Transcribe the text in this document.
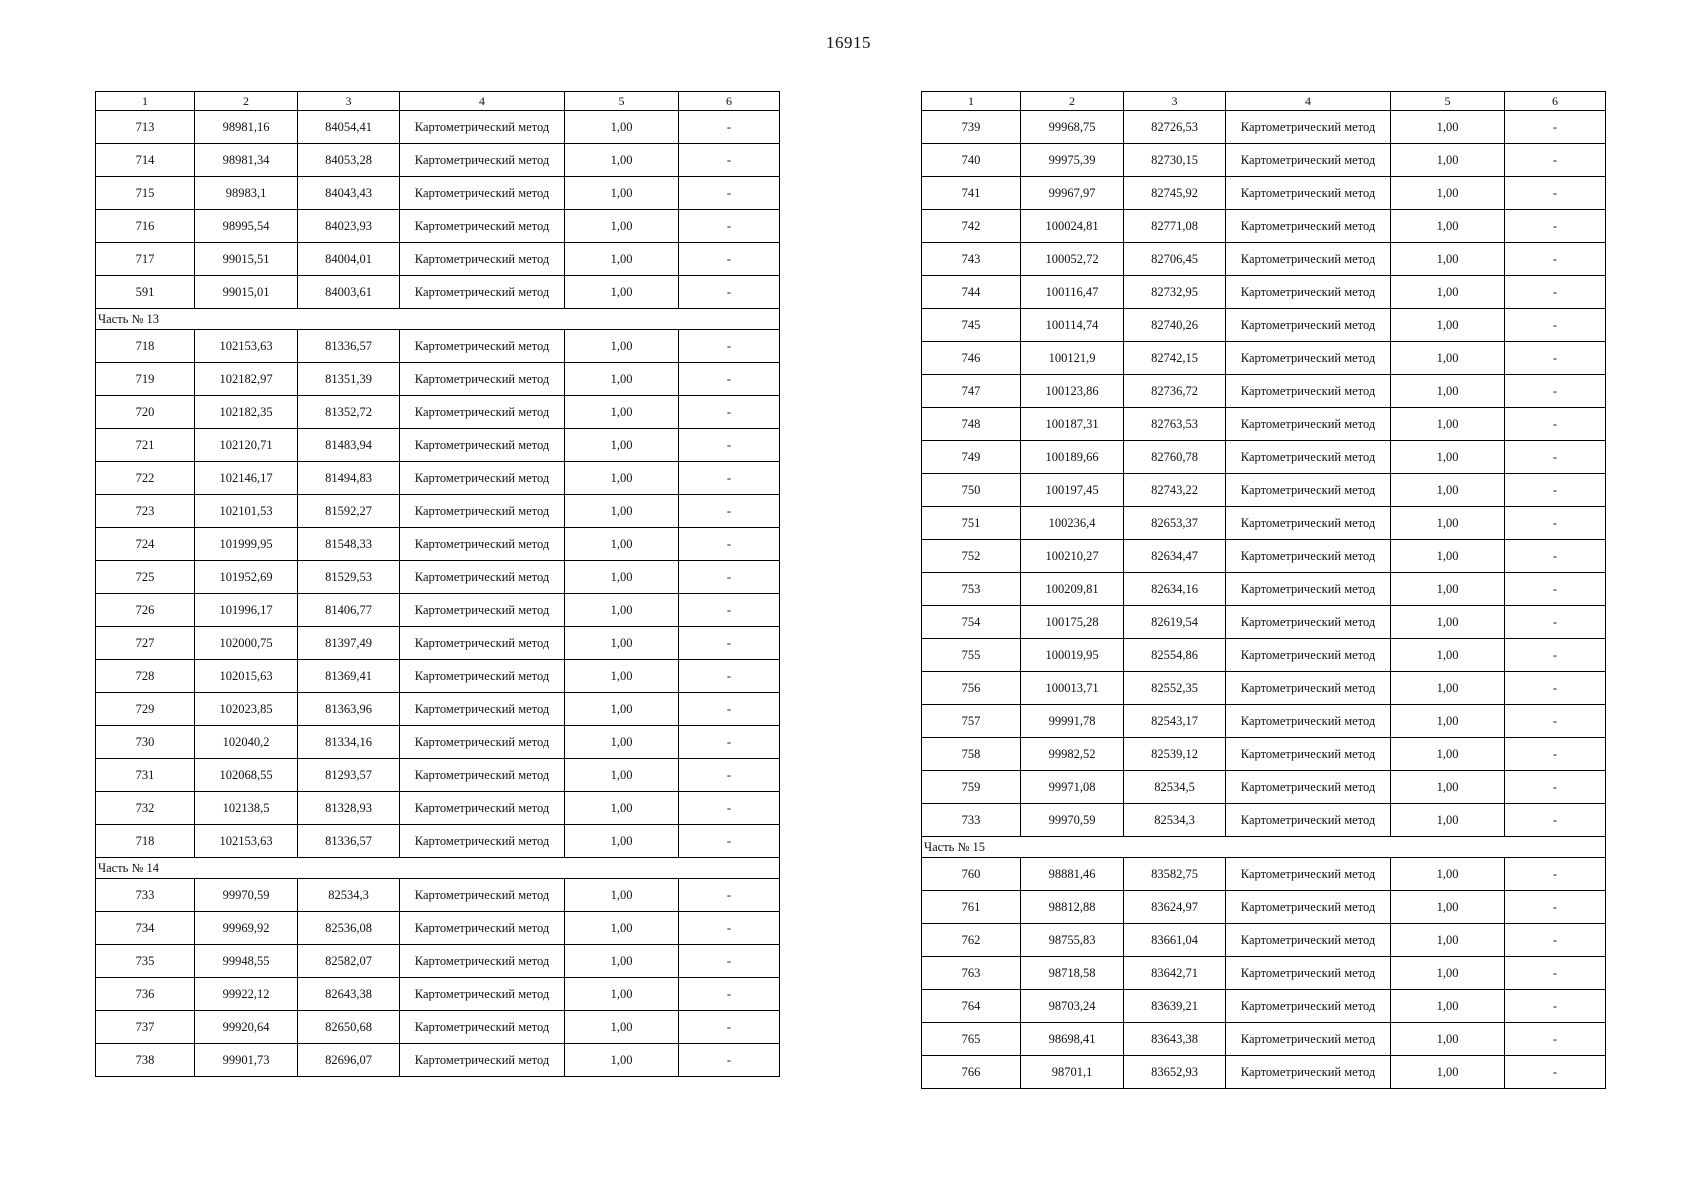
16915
1	2	3	4	5	6
713	98981,16	84054,41	Картометрический метод	1,00	-
714	98981,34	84053,28	Картометрический метод	1,00	-
715	98983,1	84043,43	Картометрический метод	1,00	-
716	98995,54	84023,93	Картометрический метод	1,00	-
717	99015,51	84004,01	Картометрический метод	1,00	-
591	99015,01	84003,61	Картометрический метод	1,00	-
Часть № 13					
718	102153,63	81336,57	Картометрический метод	1,00	-
719	102182,97	81351,39	Картометрический метод	1,00	-
720	102182,35	81352,72	Картометрический метод	1,00	-
721	102120,71	81483,94	Картометрический метод	1,00	-
722	102146,17	81494,83	Картометрический метод	1,00	-
723	102101,53	81592,27	Картометрический метод	1,00	-
724	101999,95	81548,33	Картометрический метод	1,00	-
725	101952,69	81529,53	Картометрический метод	1,00	-
726	101996,17	81406,77	Картометрический метод	1,00	-
727	102000,75	81397,49	Картометрический метод	1,00	-
728	102015,63	81369,41	Картометрический метод	1,00	-
729	102023,85	81363,96	Картометрический метод	1,00	-
730	102040,2	81334,16	Картометрический метод	1,00	-
731	102068,55	81293,57	Картометрический метод	1,00	-
732	102138,5	81328,93	Картометрический метод	1,00	-
718	102153,63	81336,57	Картометрический метод	1,00	-
Часть № 14					
733	99970,59	82534,3	Картометрический метод	1,00	-
734	99969,92	82536,08	Картометрический метод	1,00	-
735	99948,55	82582,07	Картометрический метод	1,00	-
736	99922,12	82643,38	Картометрический метод	1,00	-
737	99920,64	82650,68	Картометрический метод	1,00	-
738	99901,73	82696,07	Картометрический метод	1,00	-
1	2	3	4	5	6
739	99968,75	82726,53	Картометрический метод	1,00	-
740	99975,39	82730,15	Картометрический метод	1,00	-
741	99967,97	82745,92	Картометрический метод	1,00	-
742	100024,81	82771,08	Картометрический метод	1,00	-
743	100052,72	82706,45	Картометрический метод	1,00	-
744	100116,47	82732,95	Картометрический метод	1,00	-
745	100114,74	82740,26	Картометрический метод	1,00	-
746	100121,9	82742,15	Картометрический метод	1,00	-
747	100123,86	82736,72	Картометрический метод	1,00	-
748	100187,31	82763,53	Картометрический метод	1,00	-
749	100189,66	82760,78	Картометрический метод	1,00	-
750	100197,45	82743,22	Картометрический метод	1,00	-
751	100236,4	82653,37	Картометрический метод	1,00	-
752	100210,27	82634,47	Картометрический метод	1,00	-
753	100209,81	82634,16	Картометрический метод	1,00	-
754	100175,28	82619,54	Картометрический метод	1,00	-
755	100019,95	82554,86	Картометрический метод	1,00	-
756	100013,71	82552,35	Картометрический метод	1,00	-
757	99991,78	82543,17	Картометрический метод	1,00	-
758	99982,52	82539,12	Картометрический метод	1,00	-
759	99971,08	82534,5	Картометрический метод	1,00	-
733	99970,59	82534,3	Картометрический метод	1,00	-
Часть № 15					
760	98881,46	83582,75	Картометрический метод	1,00	-
761	98812,88	83624,97	Картометрический метод	1,00	-
762	98755,83	83661,04	Картометрический метод	1,00	-
763	98718,58	83642,71	Картометрический метод	1,00	-
764	98703,24	83639,21	Картометрический метод	1,00	-
765	98698,41	83643,38	Картометрический метод	1,00	-
766	98701,1	83652,93	Картометрический метод	1,00	-
